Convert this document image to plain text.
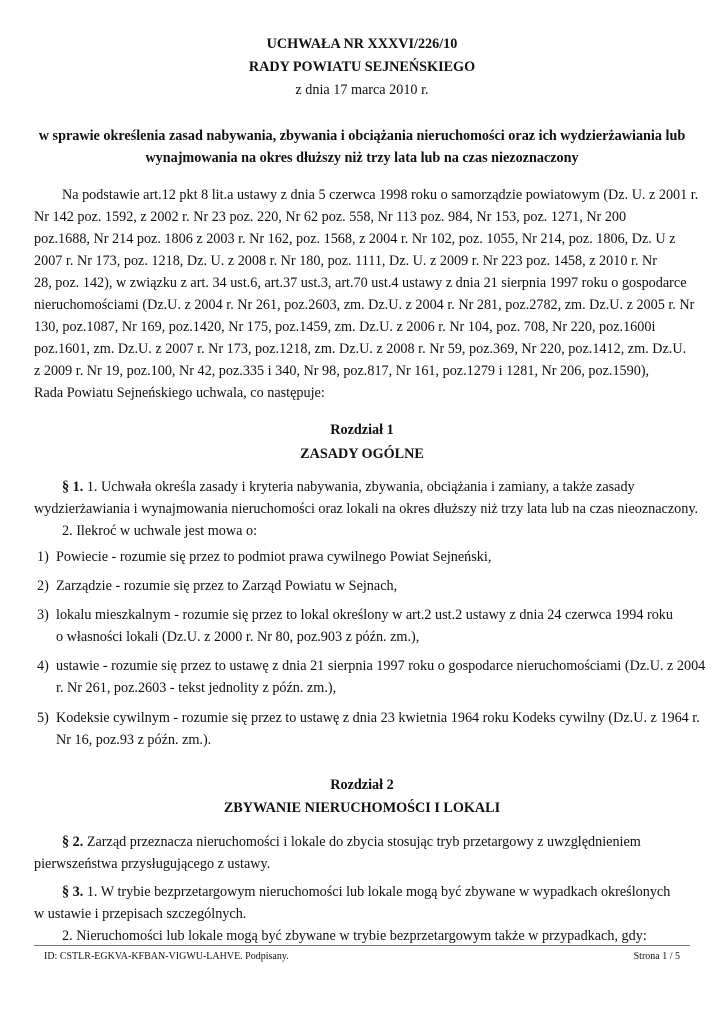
UCHWAŁA NR XXXVI/226/10
RADY POWIATU SEJNEŃSKIEGO
z dnia 17 marca 2010 r.
w sprawie określenia zasad nabywania, zbywania i obciążania nieruchomości oraz ich wydzierżawiania lub
wynajmowania na okres dłuższy niż trzy lata lub na czas niezoznaczony
Na podstawie art.12 pkt 8 lit.a ustawy z dnia 5 czerwca 1998 roku o samorządzie powiatowym (Dz. U. z 2001 r.
Nr 142 poz. 1592, z 2002 r. Nr 23 poz. 220, Nr 62 poz. 558, Nr 113 poz. 984, Nr 153, poz. 1271, Nr 200
poz.1688, Nr 214 poz. 1806 z 2003 r. Nr 162, poz. 1568, z 2004 r. Nr 102, poz. 1055, Nr 214, poz. 1806, Dz. U z
2007 r. Nr 173, poz. 1218, Dz. U. z 2008 r. Nr 180, poz. 1111, Dz. U. z 2009 r. Nr 223 poz. 1458, z 2010 r. Nr
28, poz. 142), w związku z art. 34 ust.6, art.37 ust.3, art.70 ust.4 ustawy z dnia 21 sierpnia 1997 roku o gospodarce
nieruchomościami (Dz.U. z 2004 r. Nr 261, poz.2603, zm. Dz.U. z 2004 r. Nr 281, poz.2782, zm. Dz.U. z 2005 r. Nr
130, poz.1087, Nr 169, poz.1420, Nr 175, poz.1459, zm. Dz.U. z 2006 r. Nr 104, poz. 708, Nr 220, poz.1600i
poz.1601, zm. Dz.U. z 2007 r. Nr 173, poz.1218, zm. Dz.U. z 2008 r. Nr 59, poz.369, Nr 220, poz.1412, zm. Dz.U.
z 2009 r. Nr 19, poz.100, Nr 42, poz.335 i 340, Nr 98, poz.817, Nr 161, poz.1279 i 1281, Nr 206, poz.1590),
Rada Powiatu Sejneńskiego uchwala, co następuje:
Rozdział 1
ZASADY OGÓLNE
§ 1. 1. Uchwała określa zasady i kryteria nabywania, zbywania, obciążania i zamiany, a także zasady
wydzierżawiania i wynajmowania nieruchomości oraz lokali na okres dłuższy niż trzy lata lub na czas nieoznaczony.
2. Ilekroć w uchwale jest mowa o:
1) Powiecie - rozumie się przez to podmiot prawa cywilnego Powiat Sejneński,
2) Zarządzie - rozumie się przez to Zarząd Powiatu w Sejnach,
3) lokalu mieszkalnym - rozumie się przez to lokal określony w art.2 ust.2 ustawy z dnia 24 czerwca 1994 roku
o własności lokali (Dz.U. z 2000 r. Nr 80, poz.903 z późn. zm.),
4) ustawie - rozumie się przez to ustawę z dnia 21 sierpnia 1997 roku o gospodarce nieruchomościami (Dz.U. z 2004
r. Nr 261, poz.2603 - tekst jednolity z późn. zm.),
5) Kodeksie cywilnym - rozumie się przez to ustawę z dnia 23 kwietnia 1964 roku Kodeks cywilny (Dz.U. z 1964 r.
Nr 16, poz.93 z późn. zm.).
Rozdział 2
ZBYWANIE NIERUCHOMOŚCI I LOKALI
§ 2. Zarząd przeznacza nieruchomości i lokale do zbycia stosując tryb przetargowy z uwzględnieniem
pierwszeństwa przysługującego z ustawy.
§ 3. 1. W trybie bezprzetargowym nieruchomości lub lokale mogą być zbywane w wypadkach określonych
w ustawie i przepisach szczególnych.
2. Nieruchomości lub lokale mogą być zbywane w trybie bezprzetargowym także w przypadkach, gdy:
ID: CSTLR-EGKVA-KFBAN-VIGWU-LAHVE. Podpisany.	Strona 1 / 5
